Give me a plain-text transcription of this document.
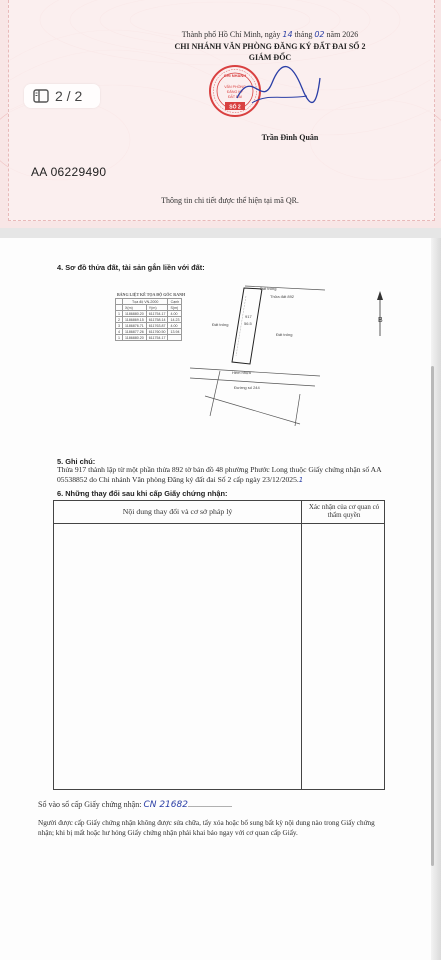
Thành phố Hồ Chí Minh, ngày 14 tháng 02 năm 2026
CHI NHÁNH VĂN PHÒNG ĐĂNG KÝ ĐẤT ĐAI SỐ 2
GIÁM ĐỐC
CHI NHÁNH
VĂN PHÒNG
ĐĂNG KÝ
ĐẤT ĐAI
SỐ 2
Trần Đình Quân
AA 06229490
Thông tin chi tiết được thể hiện tại mã QR.
2 / 2
4. Sơ đồ thửa đất, tài sản gắn liền với đất:
BẢNG LIỆT KÊ TỌA ĐỘ GÓC RANH
	Tọa độ VN-2000		Cạnh
	X(m)	Y(m)	S(m)
1	1186880.20	611754.17	4.00
2	1186869.15	611758.14	14.23
3	1186876.71	611763.87	4.00
4	1186877.26	611760.50	13.94
1	1186880.20	611754.17	
917
56.5
Đất trống
Đất trống
Đất trống
Hẻm nhựa
Đường số 244
Thửa đất 892
B
5. Ghi chú:
Thửa 917 thành lập từ một phần thửa 892 tờ bản đồ 48 phường Phước Long thuộc Giấy chứng nhận số AA 05538852 do Chi nhánh Văn phòng Đăng ký đất đai Số 2 cấp ngày 23/12/2025.1
6. Những thay đổi sau khi cấp Giấy chứng nhận:
Nội dung thay đổi và cơ sở pháp lý	Xác nhận của cơ quan có thẩm quyền
Sổ vào sổ cấp Giấy chứng nhận: CN 21682......................
Người được cấp Giấy chứng nhận không được sửa chữa, tẩy xóa hoặc bổ sung bất kỳ nội dung nào trong Giấy chứng nhận; khi bị mất hoặc hư hỏng Giấy chứng nhận phải khai báo ngay với cơ quan cấp Giấy.
